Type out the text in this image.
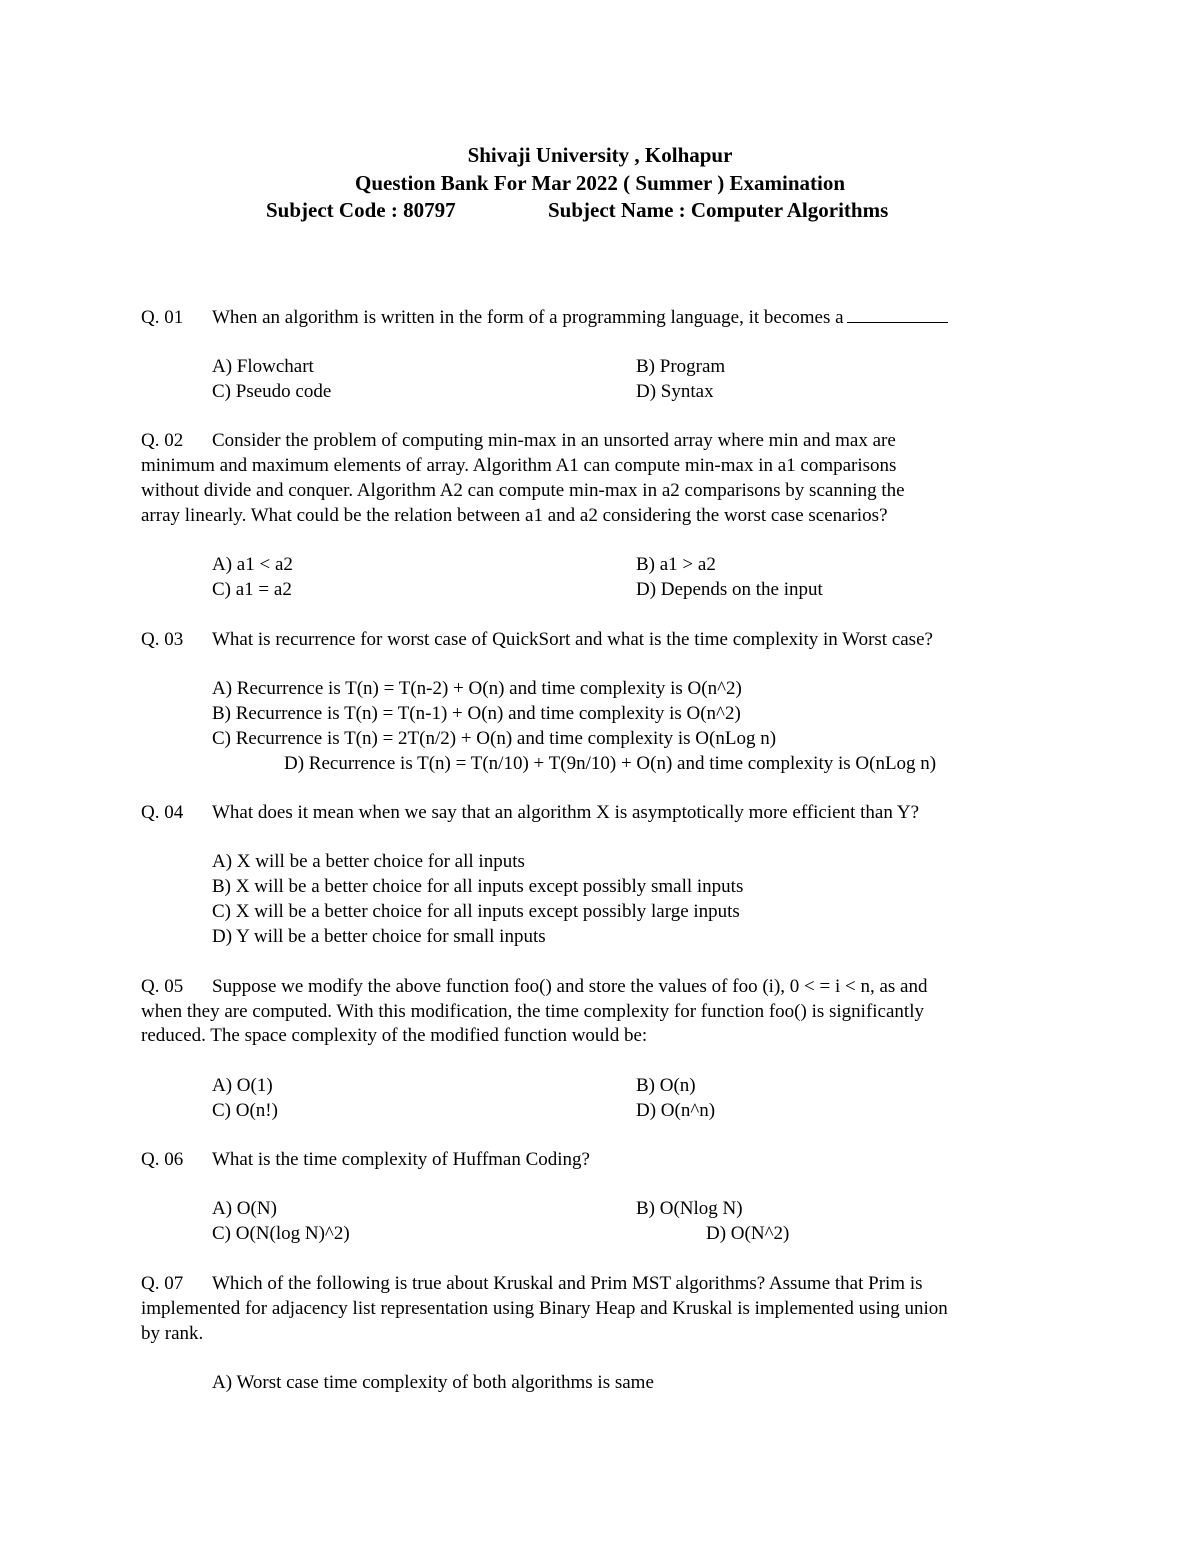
Shivaji University , Kolhapur
Question Bank For Mar 2022 ( Summer ) Examination
Subject Code : 80797	Subject Name : Computer Algorithms
Q. 01 When an algorithm is written in the form of a programming language, it becomes a
A) Flowchart	B) Program
C) Pseudo code	D) Syntax
Q. 02 Consider the problem of computing min-max in an unsorted array where min and max are
minimum and maximum elements of array. Algorithm A1 can compute min-max in a1 comparisons
without divide and conquer. Algorithm A2 can compute min-max in a2 comparisons by scanning the
array linearly. What could be the relation between a1 and a2 considering the worst case scenarios?
A) a1 < a2	B) a1 > a2
C) a1 = a2	D) Depends on the input
Q. 03 What is recurrence for worst case of QuickSort and what is the time complexity in Worst case?
A) Recurrence is T(n) = T(n-2) + O(n) and time complexity is O(n^2)
B) Recurrence is T(n) = T(n-1) + O(n) and time complexity is O(n^2)
C) Recurrence is T(n) = 2T(n/2) + O(n) and time complexity is O(nLog n)
D) Recurrence is T(n) = T(n/10) + T(9n/10) + O(n) and time complexity is O(nLog n)
Q. 04 What does it mean when we say that an algorithm X is asymptotically more efficient than Y?
A) X will be a better choice for all inputs
B) X will be a better choice for all inputs except possibly small inputs
C) X will be a better choice for all inputs except possibly large inputs
D) Y will be a better choice for small inputs
Q. 05 Suppose we modify the above function foo() and store the values of foo (i), 0 < = i < n, as and
when they are computed. With this modification, the time complexity for function foo() is significantly
reduced. The space complexity of the modified function would be:
A) O(1)	B) O(n)
C) O(n!)	D) O(n^n)
Q. 06 What is the time complexity of Huffman Coding?
A) O(N)	B) O(Nlog N)
C) O(N(log N)^2)	D) O(N^2)
Q. 07 Which of the following is true about Kruskal and Prim MST algorithms? Assume that Prim is
implemented for adjacency list representation using Binary Heap and Kruskal is implemented using union
by rank.
A) Worst case time complexity of both algorithms is same
